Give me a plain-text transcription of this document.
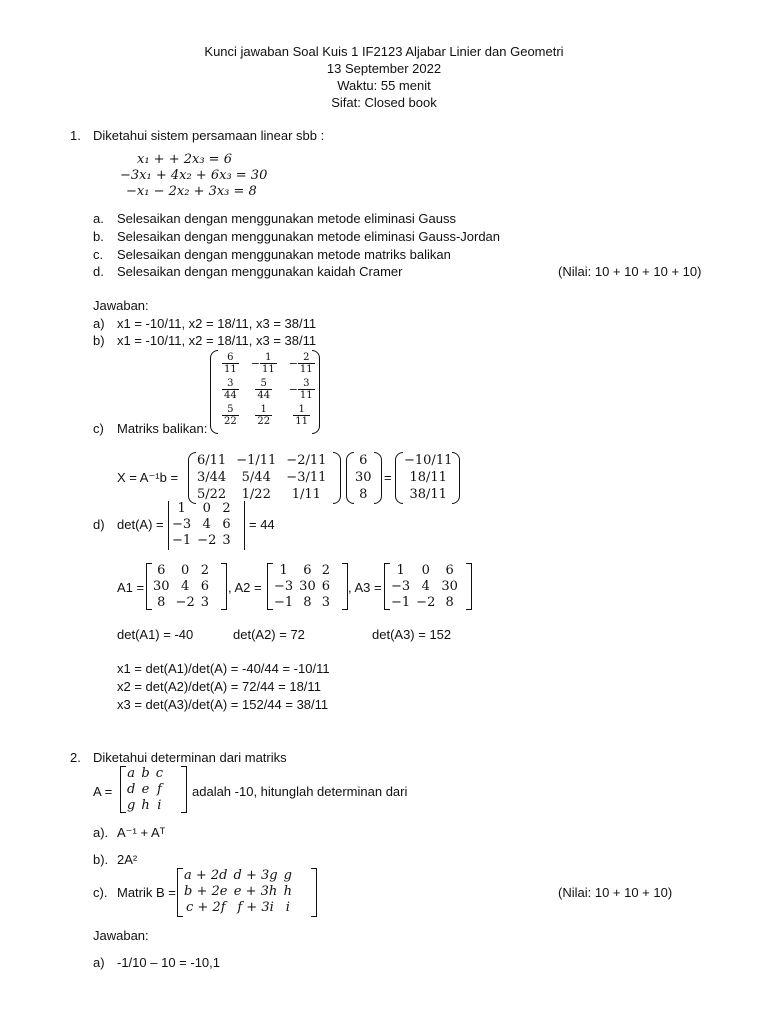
Kunci jawaban Soal Kuis 1 IF2123 Aljabar Linier dan Geometri
13 September 2022
Waktu: 55 menit
Sifat: Closed book
1. Diketahui sistem persamaan linear sbb :
x₁ + + 2x₃ = 6
−3x₁ + 4x₂ + 6x₃ = 30
−x₁ − 2x₂ + 3x₃ = 8
a. Selesaikan dengan menggunakan metode eliminasi Gauss
b. Selesaikan dengan menggunakan metode eliminasi Gauss-Jordan
c. Selesaikan dengan menggunakan metode matriks balikan
d. Selesaikan dengan menggunakan kaidah Cramer	(Nilai: 10 + 10 + 10 + 10)
Jawaban:
a) x1 = -10/11, x2 = 18/11, x3 = 38/11
b) x1 = -10/11, x2 = 18/11, x3 = 38/11
$\frac{6}{11}$	− $\frac{1}{11}$	− $\frac{2}{11}$

$\frac{3}{44}$	$\frac{5}{44}$	− $\frac{3}{11}$

$\frac{5}{22}$	$\frac{1}{22}$	$\frac{1}{11}$
c) Matriks balikan:
X = A⁻¹b =
6/11	−1/11	−2/11
3/44	5/44	−3/11
5/22	1/22	1/11
6
30
8
=
−10/11
18/11
38/11
d) det(A) =
1	0	2
−3	4	6
−1	−2	3
= 44
A1 =
6	0	2
30	4	6
8	−2	3
, A2 =
1	6	2
−3	30	6
−1	8	3
, A3 =
1	0	6
−3	4	30
−1	−2	8
det(A1) = -40	det(A2) = 72	det(A3) = 152
x1 = det(A1)/det(A) = -40/44 = -10/11
x2 = det(A2)/det(A) = 72/44 = 18/11
x3 = det(A3)/det(A) = 152/44 = 38/11
2. Diketahui determinan dari matriks
A =
a	b	c
d	e	f
g	h	i
adalah -10, hitunglah determinan dari
a). A⁻¹ + Aᵀ
b). 2A²
c). Matrik B =
a + 2d	d + 3g	g
b + 2e	e + 3h	h
c + 2f	f + 3i	i
(Nilai: 10 + 10 + 10)
Jawaban:
a) -1/10 – 10 = -10,1
